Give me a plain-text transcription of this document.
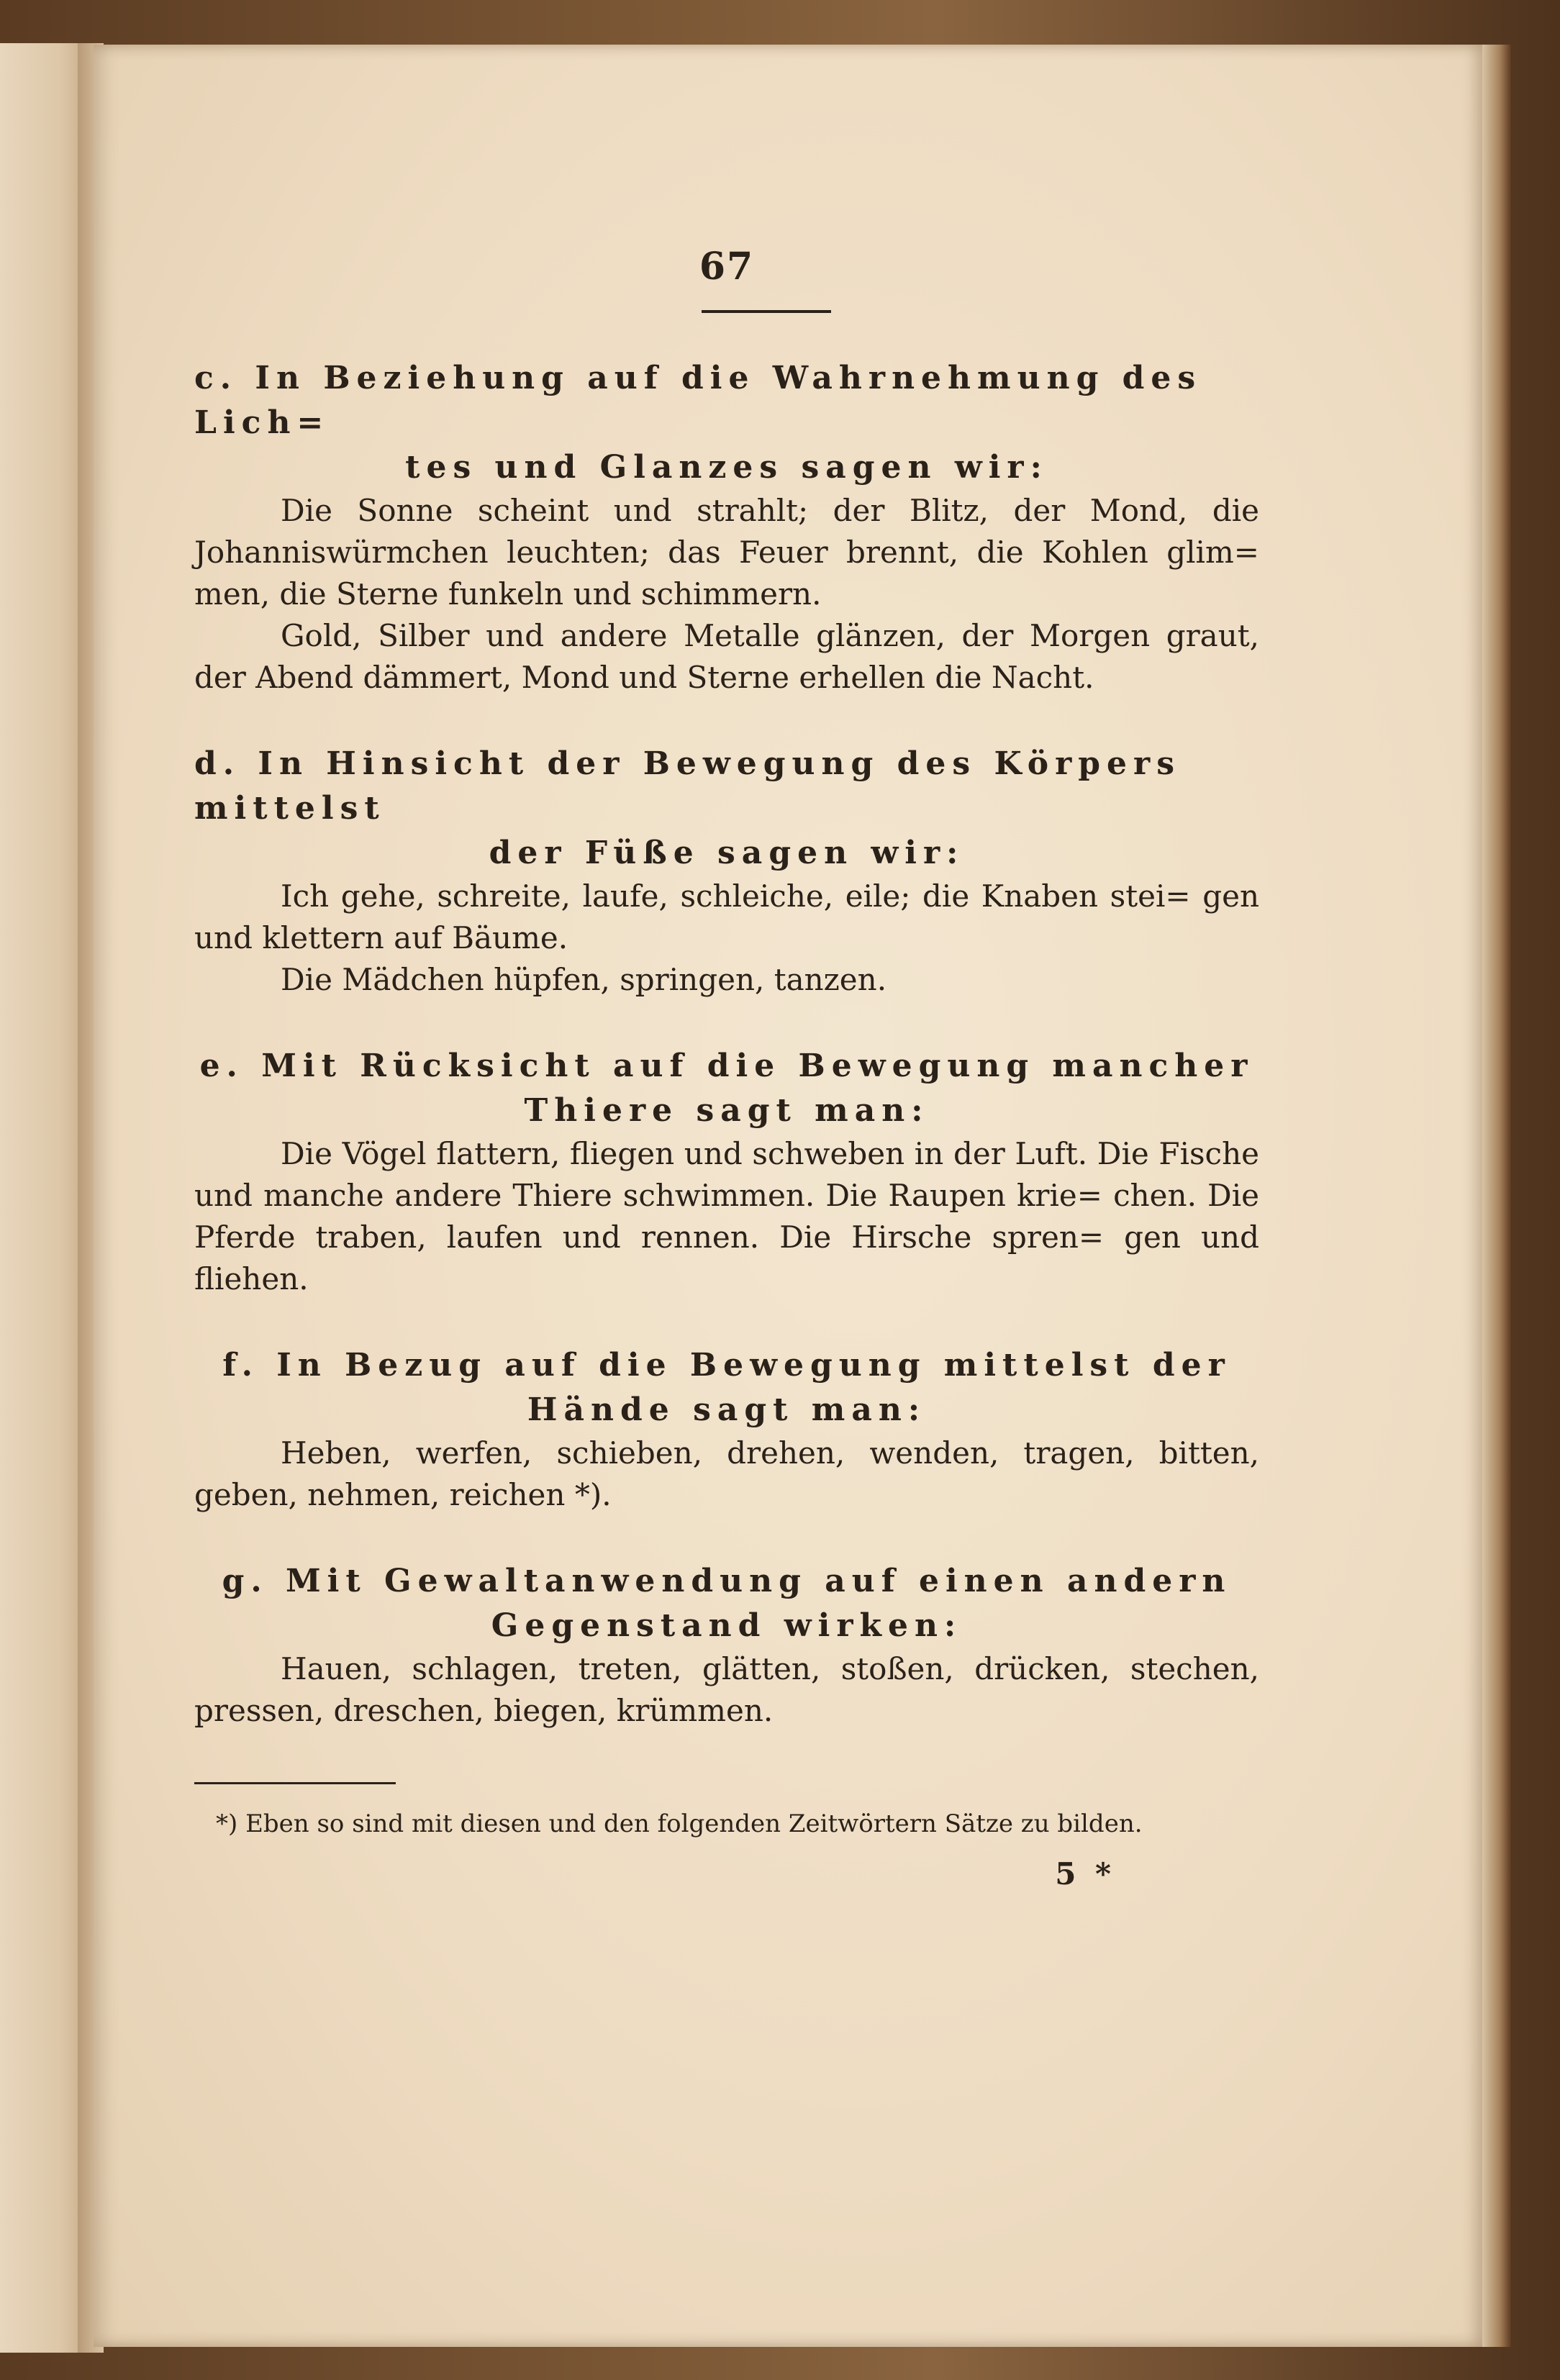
67

c. In Beziehung auf die Wahrnehmung des Lich=
tes und Glanzes sagen wir:

Die Sonne scheint und strahlt; der Blitz, der Mond, die Johanniswürmchen leuchten; das Feuer brennt, die Kohlen glim= men, die Sterne funkeln und schimmern.

Gold, Silber und andere Metalle glänzen, der Morgen graut, der Abend dämmert, Mond und Sterne erhellen die Nacht.

d. In Hinsicht der Bewegung des Körpers mittelst
der Füße sagen wir:

Ich gehe, schreite, laufe, schleiche, eile; die Knaben stei= gen und klettern auf Bäume.

Die Mädchen hüpfen, springen, tanzen.

e. Mit Rücksicht auf die Bewegung mancher
Thiere sagt man:

Die Vögel flattern, fliegen und schweben in der Luft. Die Fische und manche andere Thiere schwimmen. Die Raupen krie= chen. Die Pferde traben, laufen und rennen. Die Hirsche spren= gen und fliehen.

f. In Bezug auf die Bewegung mittelst der
Hände sagt man:

Heben, werfen, schieben, drehen, wenden, tragen, bitten, geben, nehmen, reichen *).

g. Mit Gewaltanwendung auf einen andern
Gegenstand wirken:

Hauen, schlagen, treten, glätten, stoßen, drücken, stechen, pressen, dreschen, biegen, krümmen.

*) Eben so sind mit diesen und den folgenden Zeitwörtern Sätze zu bilden.

5 *
